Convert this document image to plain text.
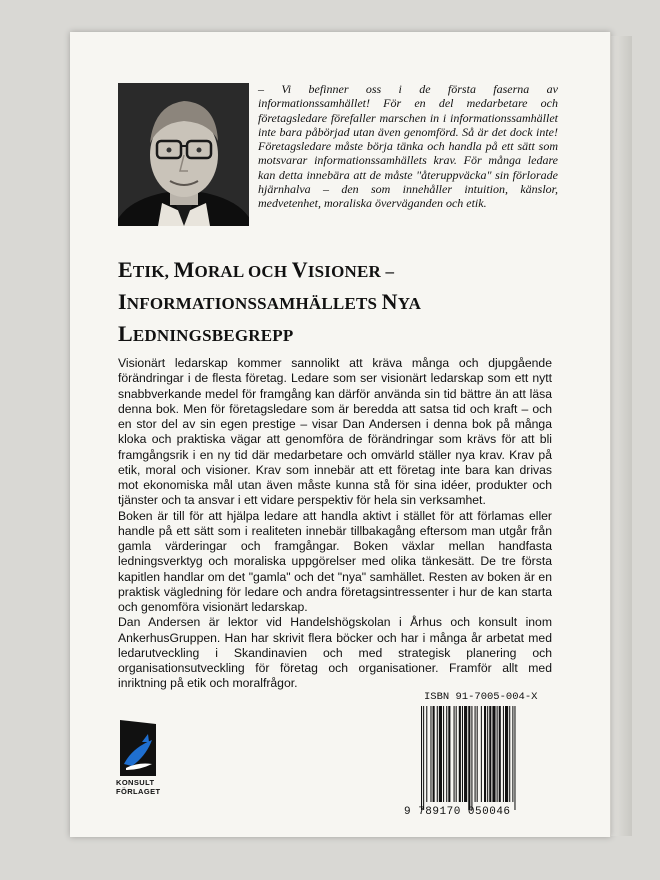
– Vi befinner oss i de första faserna av informationssamhället! För en del medarbetare och företagsledare förefaller marschen in i informationssamhället inte bara påbörjad utan även genomförd. Så är det dock inte! Företagsledare måste börja tänka och handla på ett sätt som motsvarar informationssamhällets krav. För många ledare kan detta innebära att de måste "återuppväcka" sin förlorade hjärnhalva – den som innehåller intuition, känslor, medvetenhet, moraliska överväganden och etik.

ETIK, MORAL OCH VISIONER –
INFORMATIONSSAMHÄLLETS NYA
LEDNINGSBEGREPP

Visionärt ledarskap kommer sannolikt att kräva många och djupgående förändringar i de flesta företag. Ledare som ser visionärt ledarskap som ett nytt snabbverkande medel för framgång kan därför använda sin tid bättre än att läsa denna bok. Men för företagsledare som är beredda att satsa tid och kraft – och en stor del av sin egen prestige – visar Dan Andersen i denna bok på många kloka och praktiska vägar att genomföra de förändringar som krävs för att bli framgångsrik i en ny tid där medarbetare och omvärld ställer nya krav. Krav på etik, moral och visioner. Krav som innebär att ett företag inte bara kan drivas mot ekonomiska mål utan även måste kunna stå för sina idéer, produkter och tjänster och ta ansvar i ett vidare perspektiv för hela sin verksamhet.

Boken är till för att hjälpa ledare att handla aktivt i stället för att förlamas eller handle på ett sätt som i realiteten innebär tillbakagång eftersom man utgår från gamla värderingar och framgångar. Boken växlar mellan handfasta ledningsverktyg och moraliska uppgörelser med olika tänkesätt. De tre första kapitlen handlar om det "gamla" och det "nya" samhället. Resten av boken är en praktisk vägledning för ledare och andra företagsintressenter i hur de kan starta och genomföra visionärt ledarskap.

Dan Andersen är lektor vid Handelshögskolan i Århus och konsult inom AnkerhusGruppen. Han har skrivit flera böcker och har i många år arbetat med ledarutveckling i Skandinavien och med strategisk planering och organisationsutveckling för företag och organisationer. Framför allt med inriktning på etik och moralfrågor.

KONSULT
FÖRLAGET

ISBN 91-7005-004-X

9 789170 050046
